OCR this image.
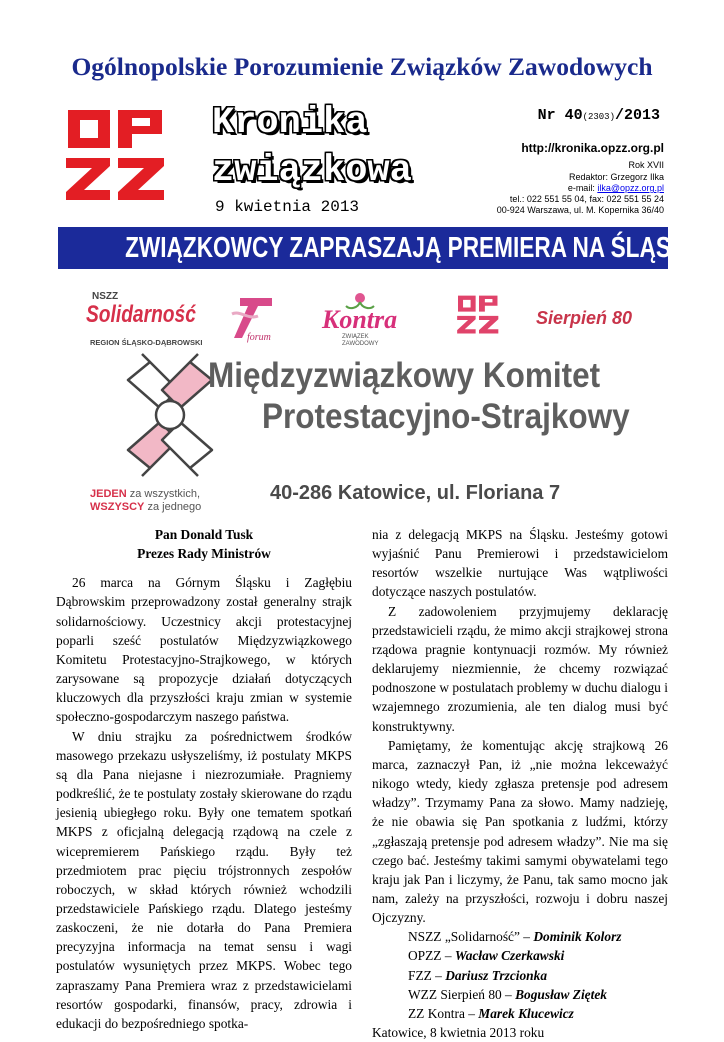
Ogólnopolskie Porozumienie Związków Zawodowych
Kronika
związkowa
9 kwietnia 2013
Nr 40(2303)/2013
http://kronika.opzz.org.pl
Rok XVII
Redaktor: Grzegorz Ilka
e-mail: ilka@opzz.org.pl
tel.: 022 551 55 04, fax: 022 551 55 24
00-924 Warszawa, ul. M. Kopernika 36/40
ZWIĄZKOWCY ZAPRASZAJĄ PREMIERA NA ŚLĄSK
NSZZ
Solidarność
REGION ŚLĄSKO-DĄBROWSKI	forum
Kontra
ZWIĄZEK
ZAWODOWY
Sierpień 80
Międzyzwiązkowy Komitet
Protestacyjno-Strajkowy
JEDEN za wszystkich,
WSZYSCY za jednego
40-286 Katowice, ul. Floriana 7

Pan Donald Tusk

Prezes Rady Ministrów

26 marca na Górnym Śląsku i Zagłębiu Dąbrowskim przeprowadzony został generalny strajk solidarnościowy. Uczestnicy akcji protestacyjnej poparli sześć postulatów Międzyzwiązkowego Komitetu Protestacyjno-Strajkowego, w których zarysowane są propozycje działań dotyczących kluczowych dla przyszłości kraju zmian w systemie społeczno-gospodarczym naszego państwa.

W dniu strajku za pośrednictwem środków masowego przekazu usłyszeliśmy, iż postulaty MKPS są dla Pana niejasne i niezrozumiałe. Pragniemy podkreślić, że te postulaty zostały skierowane do rządu jesienią ubiegłego roku. Były one tematem spotkań MKPS z oficjalną delegacją rządową na czele z wicepremierem Pańskiego rządu. Były też przedmiotem prac pięciu trójstronnych zespołów roboczych, w skład których również wchodzili przedstawiciele Pańskiego rządu. Dlatego jesteśmy zaskoczeni, że nie dotarła do Pana Premiera precyzyjna informacja na temat sensu i wagi postulatów wysuniętych przez MKPS. Wobec tego zapraszamy Pana Premiera wraz z przedstawicielami resortów gospodarki, finansów, pracy, zdrowia i edukacji do bezpośredniego spotka-

nia z delegacją MKPS na Śląsku. Jesteśmy gotowi wyjaśnić Panu Premierowi i przedstawicielom resortów wszelkie nurtujące Was wątpliwości dotyczące naszych postulatów.

Z zadowoleniem przyjmujemy deklarację przedstawicieli rządu, że mimo akcji strajkowej strona rządowa pragnie kontynuacji rozmów. My również deklarujemy niezmiennie, że chcemy rozwiązać podnoszone w postulatach problemy w duchu dialogu i wzajemnego zrozumienia, ale ten dialog musi być konstruktywny.

Pamiętamy, że komentując akcję strajkową 26 marca, zaznaczył Pan, iż „nie można lekceważyć nikogo wtedy, kiedy zgłasza pretensje pod adresem władzy”. Trzymamy Pana za słowo. Mamy nadzieję, że nie obawia się Pan spotkania z ludźmi, którzy „zgłaszają pretensje pod adresem władzy”. Nie ma się czego bać. Jesteśmy takimi samymi obywatelami tego kraju jak Pan i liczymy, że Panu, tak samo mocno jak nam, zależy na przyszłości, rozwoju i dobru naszej Ojczyzny.

NSZZ „Solidarność” – Dominik Kolorz

OPZZ – Wacław Czerkawski

FZZ – Dariusz Trzcionka

WZZ Sierpień 80 – Bogusław Ziętek

ZZ Kontra – Marek Klucewicz

Katowice, 8 kwietnia 2013 roku
